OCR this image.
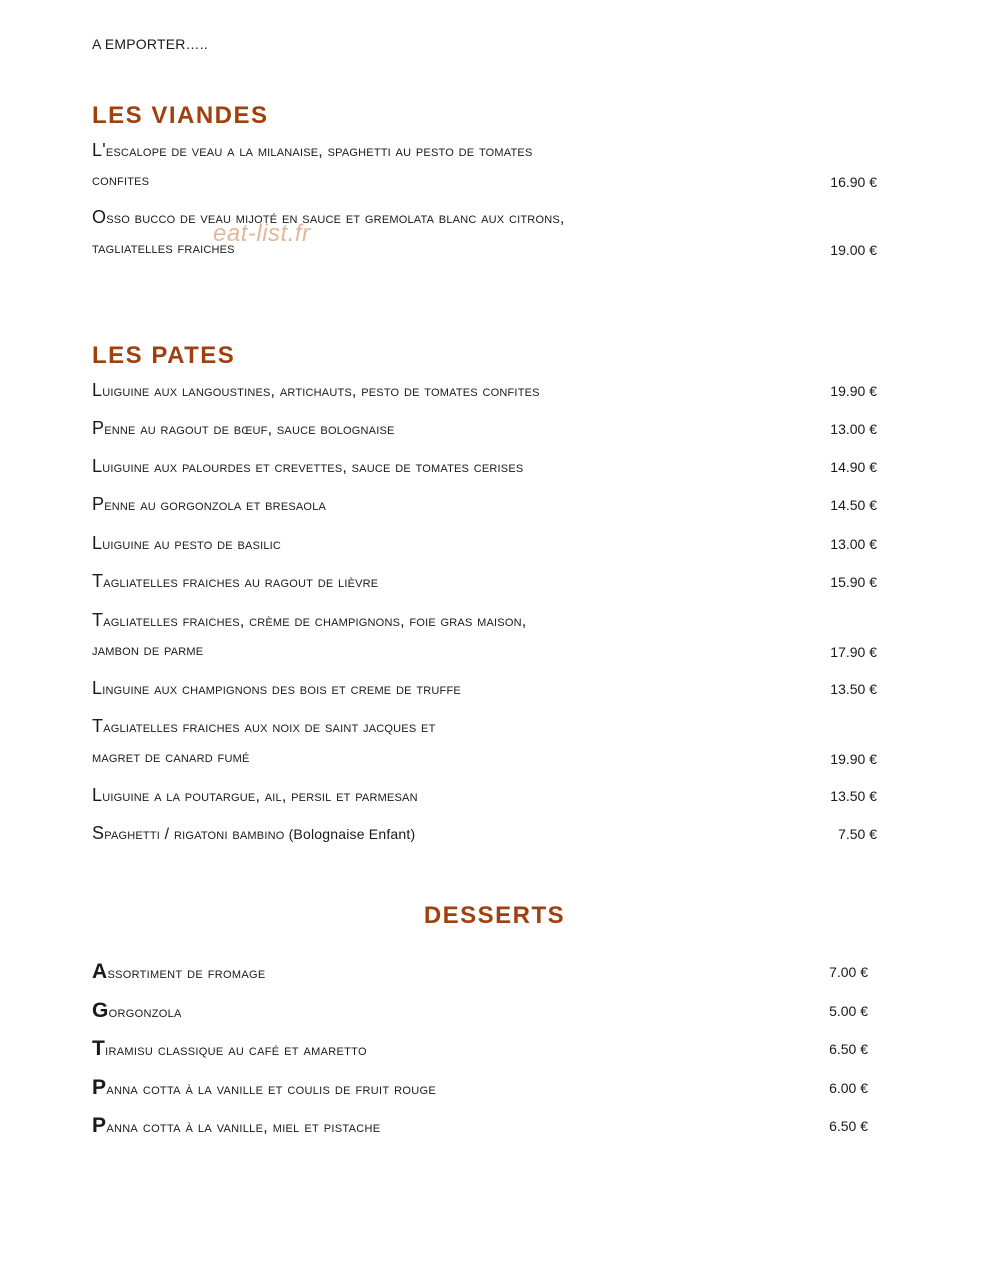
A EMPORTER…..
LES VIANDES
L'escalope de veau a la milanaise, spaghetti au pesto de tomates
confites	16.90 €
Osso bucco de veau mijoté en sauce et gremolata blanc aux citrons,
tagliatelles fraiches	19.00 €
eat-list.fr
LES PATES
Luiguine aux langoustines, artichauts, pesto de tomates confites	19.90 €
Penne au ragout de bœuf, sauce bolognaise	13.00 €
Luiguine aux palourdes et crevettes, sauce de tomates cerises	14.90 €
Penne au gorgonzola et bresaola	14.50 €
Luiguine au pesto de basilic	13.00 €
Tagliatelles fraiches au ragout de lièvre	15.90 €
Tagliatelles fraiches, crème de champignons, foie gras maison,
jambon de parme	17.90 €
Linguine aux champignons des bois et creme de truffe	13.50 €
Tagliatelles fraiches aux noix de saint jacques et
magret de canard fumé	19.90 €
Luiguine a la poutargue, ail, persil et parmesan	13.50 €
Spaghetti / rigatoni bambino (Bolognaise Enfant)	7.50 €
DESSERTS
Assortiment de fromage	7.00 €
Gorgonzola	5.00 €
Tiramisu classique au café et amaretto	6.50 €
Panna cotta à la vanille et coulis de fruit rouge	6.00 €
Panna cotta à la vanille, miel et pistache	6.50 €
